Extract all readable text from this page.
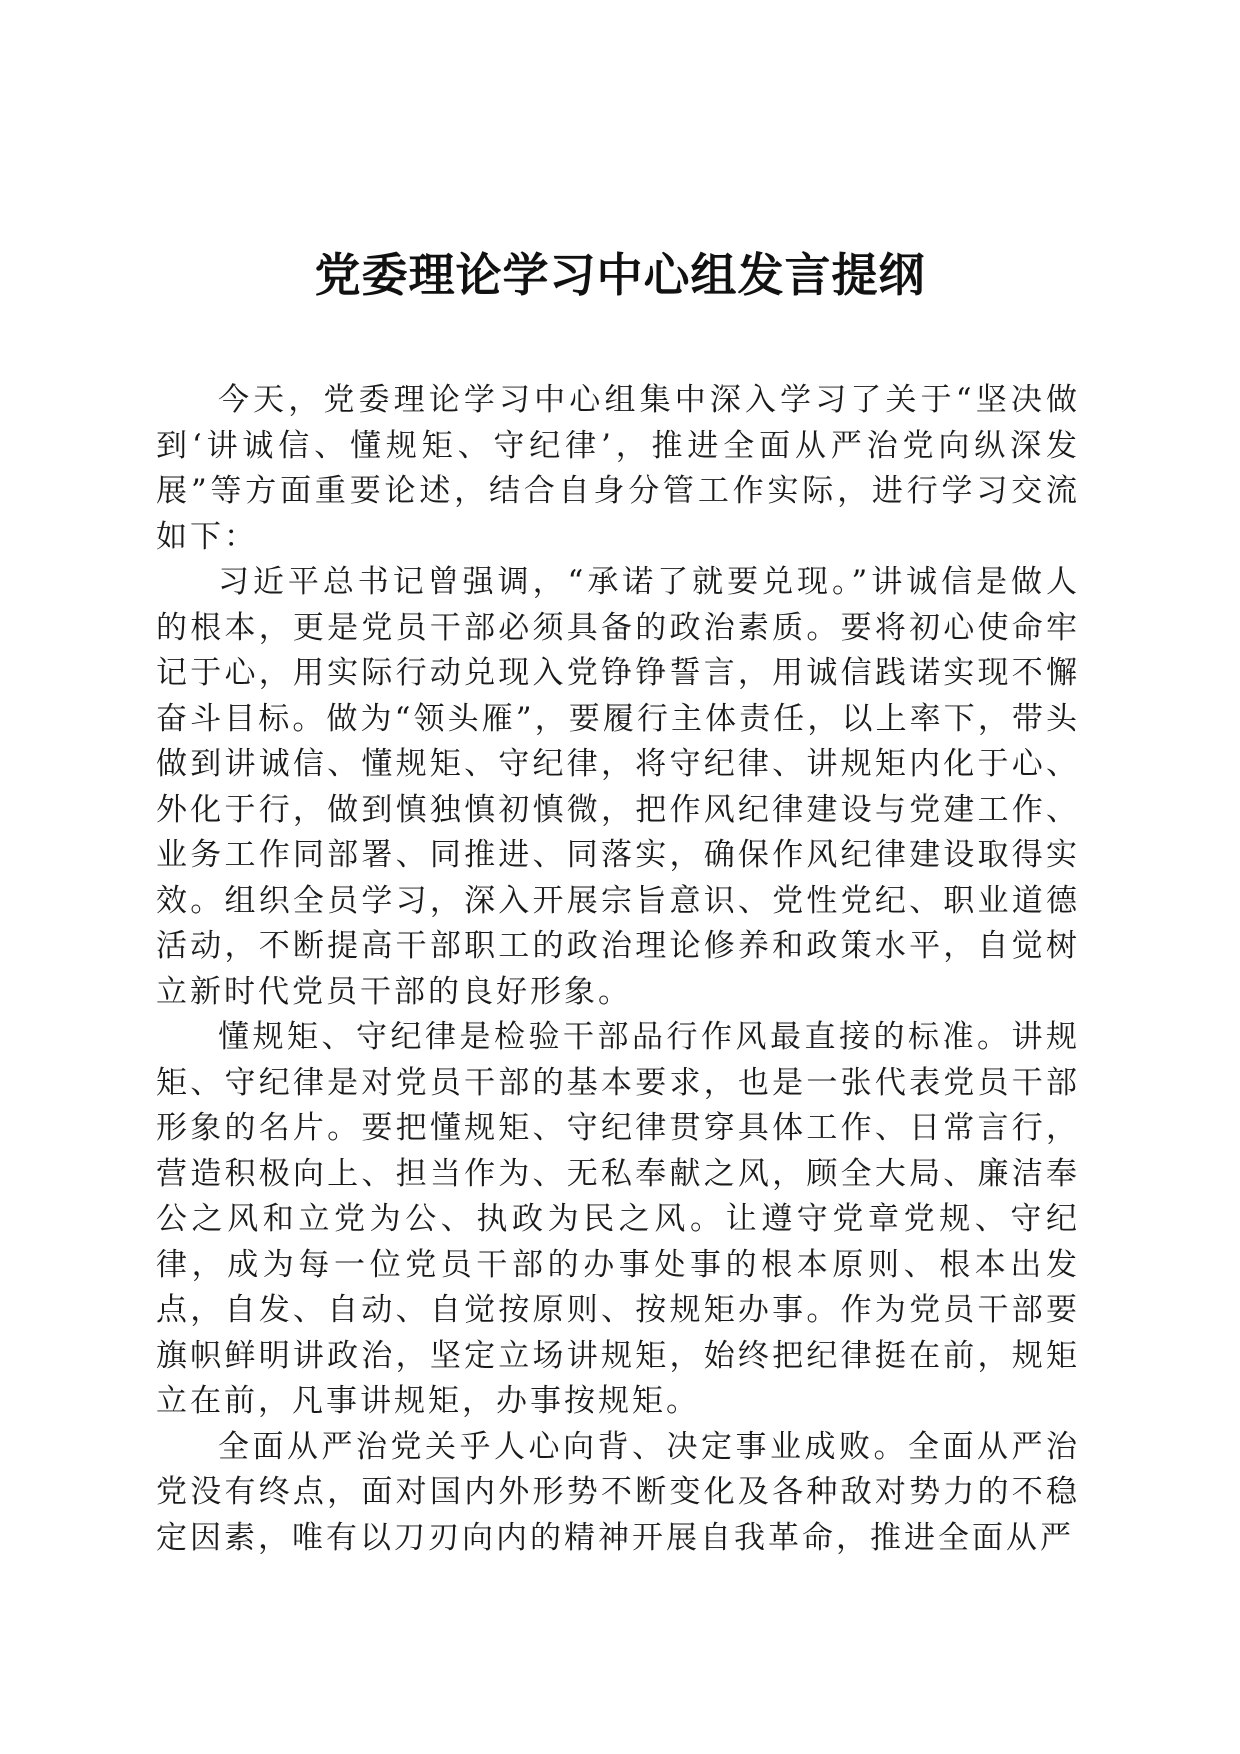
党委理论学习中心组发言提纲

今天，党委理论学习中心组集中深入学习了关于“坚决做到‘讲诚信、懂规矩、守纪律’，推进全面从严治党向纵深发展”等方面重要论述，结合自身分管工作实际，进行学习交流如下：

习近平总书记曾强调，“承诺了就要兑现。”讲诚信是做人的根本，更是党员干部必须具备的政治素质。要将初心使命牢记于心，用实际行动兑现入党铮铮誓言，用诚信践诺实现不懈奋斗目标。做为“领头雁”，要履行主体责任，以上率下，带头做到讲诚信、懂规矩、守纪律，将守纪律、讲规矩内化于心、外化于行，做到慎独慎初慎微，把作风纪律建设与党建工作、业务工作同部署、同推进、同落实，确保作风纪律建设取得实效。组织全员学习，深入开展宗旨意识、党性党纪、职业道德活动，不断提高干部职工的政治理论修养和政策水平，自觉树立新时代党员干部的良好形象。

懂规矩、守纪律是检验干部品行作风最直接的标准。讲规矩、守纪律是对党员干部的基本要求，也是一张代表党员干部形象的名片。要把懂规矩、守纪律贯穿具体工作、日常言行，营造积极向上、担当作为、无私奉献之风，顾全大局、廉洁奉公之风和立党为公、执政为民之风。让遵守党章党规、守纪律，成为每一位党员干部的办事处事的根本原则、根本出发点，自发、自动、自觉按原则、按规矩办事。作为党员干部要旗帜鲜明讲政治，坚定立场讲规矩，始终把纪律挺在前，规矩立在前，凡事讲规矩，办事按规矩。

全面从严治党关乎人心向背、决定事业成败。全面从严治党没有终点，面对国内外形势不断变化及各种敌对势力的不稳定因素，唯有以刀刃向内的精神开展自我革命，推进全面从严
